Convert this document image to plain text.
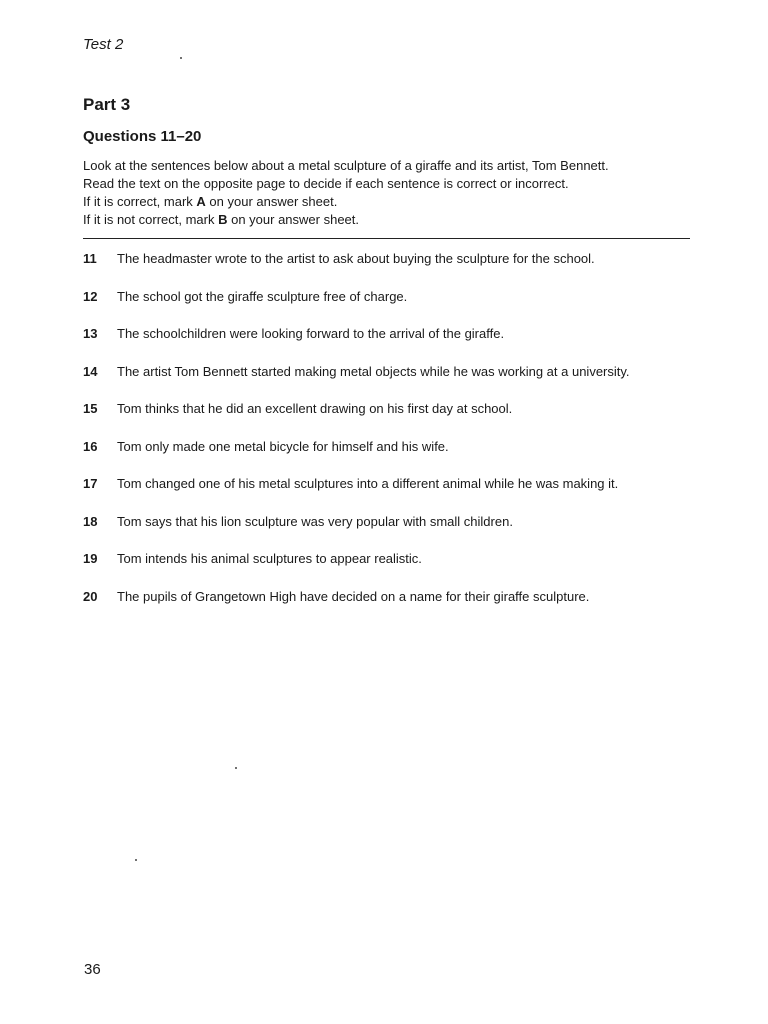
Test 2
Part 3
Questions 11–20
Look at the sentences below about a metal sculpture of a giraffe and its artist, Tom Bennett.
Read the text on the opposite page to decide if each sentence is correct or incorrect.
If it is correct, mark A on your answer sheet.
If it is not correct, mark B on your answer sheet.
11	The headmaster wrote to the artist to ask about buying the sculpture for the school.
12	The school got the giraffe sculpture free of charge.
13	The schoolchildren were looking forward to the arrival of the giraffe.
14	The artist Tom Bennett started making metal objects while he was working at a university.
15	Tom thinks that he did an excellent drawing on his first day at school.
16	Tom only made one metal bicycle for himself and his wife.
17	Tom changed one of his metal sculptures into a different animal while he was making it.
18	Tom says that his lion sculpture was very popular with small children.
19	Tom intends his animal sculptures to appear realistic.
20	The pupils of Grangetown High have decided on a name for their giraffe sculpture.
36
